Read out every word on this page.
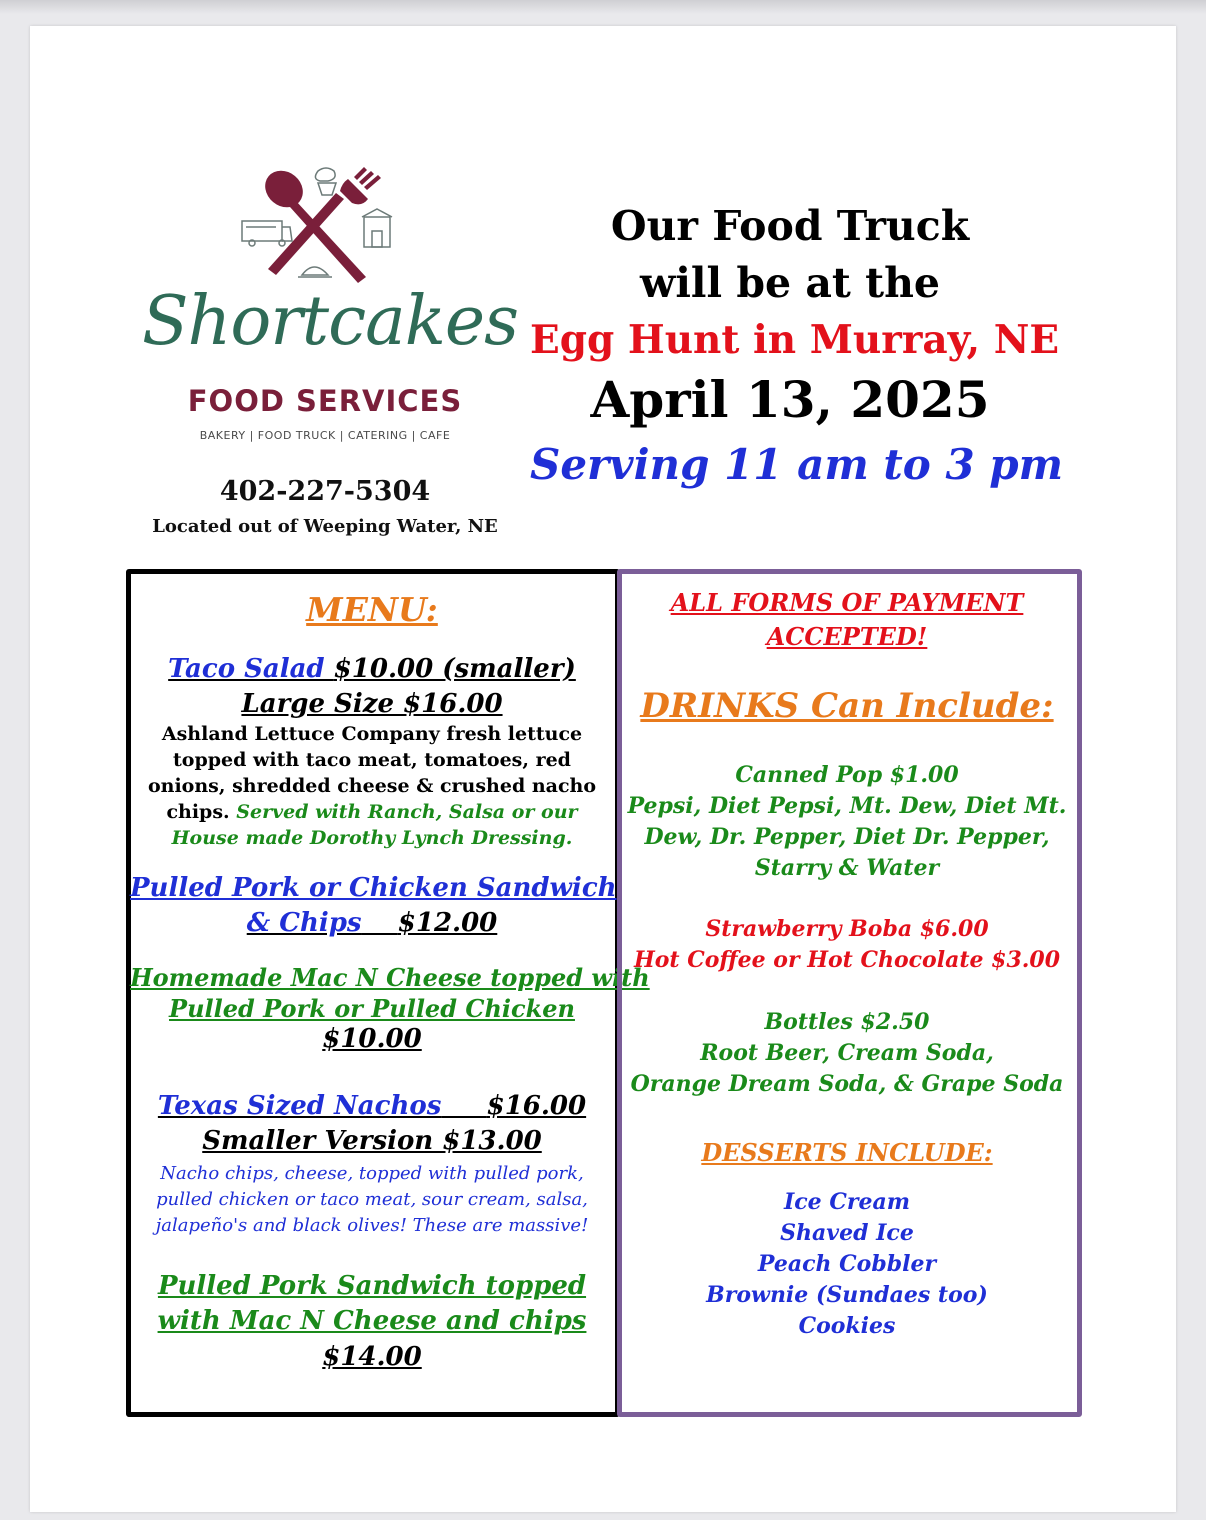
Shortcakes
FOOD SERVICES
BAKERY | FOOD TRUCK | CATERING | CAFE
402-227-5304
Located out of Weeping Water, NE
Our Food Truck
will be at the
Egg Hunt in Murray, NE
April 13, 2025
Serving 11 am to 3 pm
MENU:
Taco Salad $10.00 (smaller)
Large Size $16.00
Ashland Lettuce Company fresh lettuce
topped with taco meat, tomatoes, red
onions, shredded cheese & crushed nacho
chips. Served with Ranch, Salsa or our
House made Dorothy Lynch Dressing.
Pulled Pork or Chicken Sandwich
& Chips $12.00
Homemade Mac N Cheese topped with
Pulled Pork or Pulled Chicken
$10.00
Texas Sized Nachos $16.00
Smaller Version $13.00
Nacho chips, cheese, topped with pulled pork,
pulled chicken or taco meat, sour cream, salsa,
jalapeño's and black olives! These are massive!
Pulled Pork Sandwich topped
with Mac N Cheese and chips
$14.00
ALL FORMS OF PAYMENT
ACCEPTED!
DRINKS Can Include:
Canned Pop $1.00
Pepsi, Diet Pepsi, Mt. Dew, Diet Mt.
Dew, Dr. Pepper, Diet Dr. Pepper,
Starry & Water
Strawberry Boba $6.00
Hot Coffee or Hot Chocolate $3.00
Bottles $2.50
Root Beer, Cream Soda,
Orange Dream Soda, & Grape Soda
DESSERTS INCLUDE:
Ice Cream
Shaved Ice
Peach Cobbler
Brownie (Sundaes too)
Cookies
